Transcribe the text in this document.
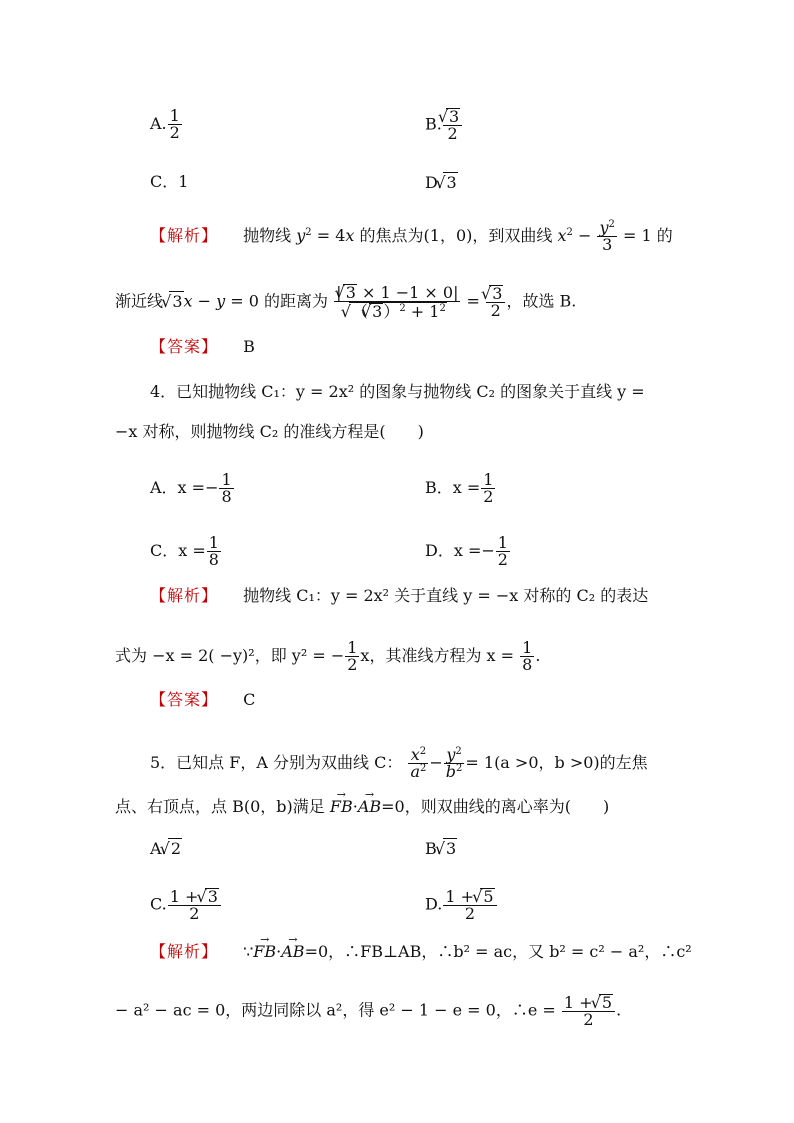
A. $\frac{1}{2}$	B. √ $\frac{3}{2}$
C．1	D. √ 3
【解析】 抛物线 $y^2 = 4x$ 的焦点为(1，0)，到双曲线 $x^2 - \frac{y^2}{3} = 1$ 的
渐近线 √ 3x − y = 0 的距离为 | √ 3 × 1 −1 × 0|
√ （ √ $3)^2 + 1^2$ = √ $\frac{3}{2}$ ，故选 B.
【答案】 B
4．已知抛物线 C₁：y = 2x² 的图象与抛物线 C₂ 的图象关于直线 y =
−x 对称，则抛物线 C₂ 的准线方程是(　　)
A．$x =- \frac{1}{8}$	B．$x = \frac{1}{2}$
C．$x = \frac{1}{8}$	D．$x =- \frac{1}{2}$
【解析】 抛物线 C₁：y = 2x² 关于直线 y = −x 对称的 C₂ 的表达
式为 −x = 2( −y)²，即 y² = − $\frac{1}{2}$ x，其准线方程为 $x = \frac{1}{8}$ .
【答案】 C
5．已知点 F，A 分别为双曲线 C： $\frac{x^2}{a^2} - \frac{y^2}{b^2} = 1(a >0$，b >0)的左焦
点、右顶点，点 B(0，b)满足 FB →·AB →=0，则双曲线的离心率为(　　)
A. √ 2	B. √ 3
C. $\frac{1 + √ 3}{2}$	D. $\frac{1 + √ 5}{2}$
【解析】 ∵FB →·AB →=0，∴FB⊥AB，∴b² = ac，又 b² = c² − a²，∴c²
− a² − ac = 0，两边同除以 a²，得 e² − 1 − e = 0，∴e = $\frac{1 + √ 5}{2}$ .
